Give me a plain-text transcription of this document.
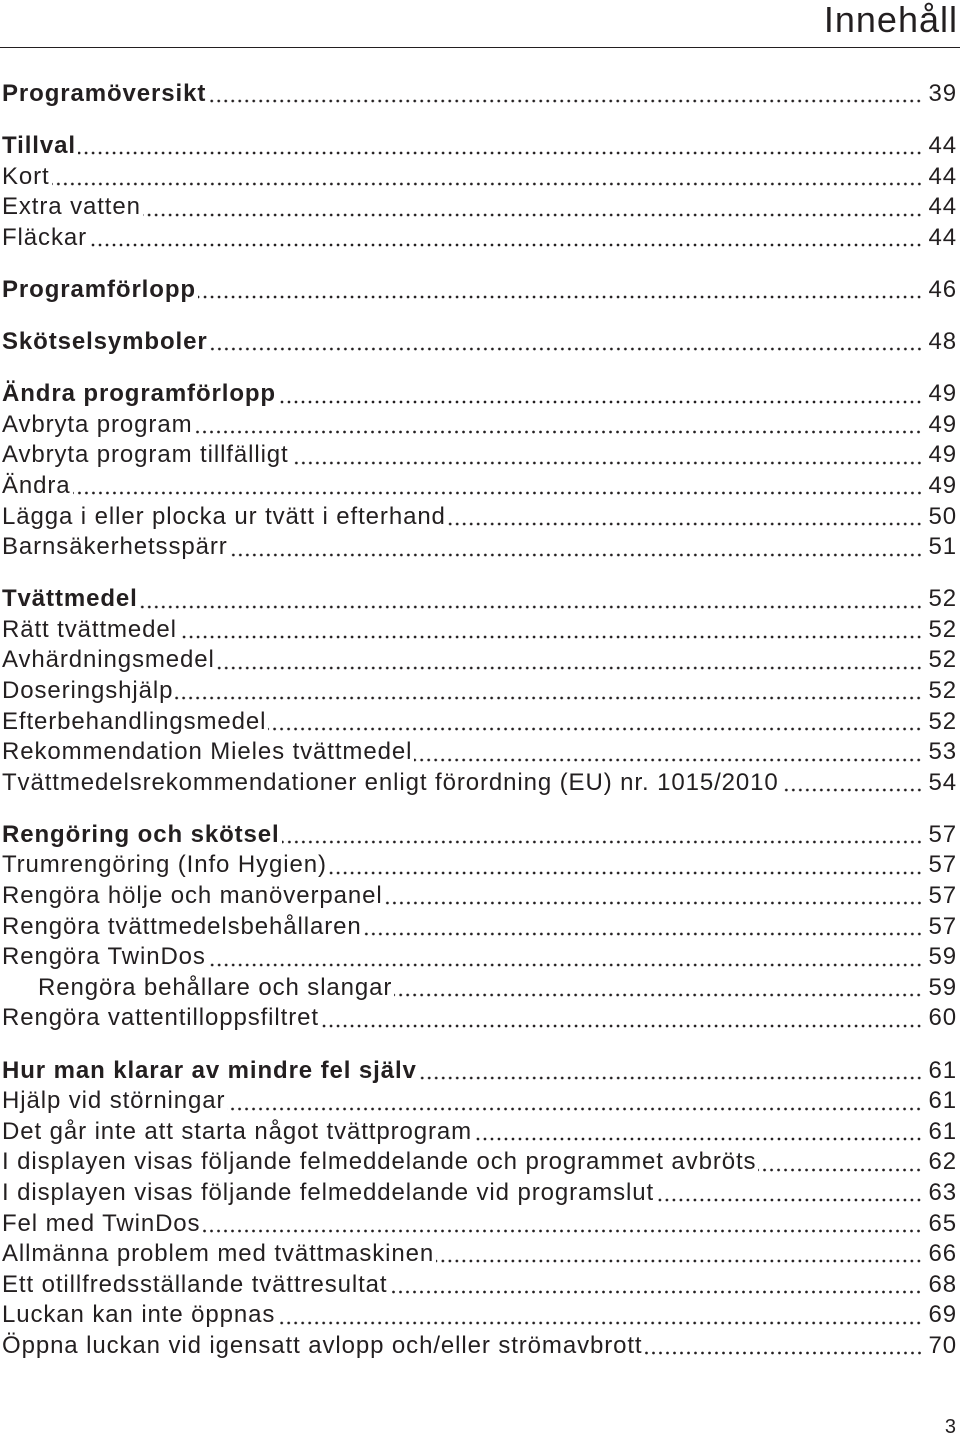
Innehåll
Programöversikt	39
Tillval	44
Kort	44
Extra vatten	44
Fläckar	44
Programförlopp	46
Skötselsymboler	48
Ändra programförlopp	49
Avbryta program	49
Avbryta program tillfälligt	49
Ändra	49
Lägga i eller plocka ur tvätt i efterhand	50
Barnsäkerhetsspärr	51
Tvättmedel	52
Rätt tvättmedel	52
Avhärdningsmedel	52
Doseringshjälp	52
Efterbehandlingsmedel	52
Rekommendation Mieles tvättmedel	53
Tvättmedelsrekommendationer enligt förordning (EU) nr. 1015/2010	54
Rengöring och skötsel	57
Trumrengöring (Info Hygien)	57
Rengöra hölje och manöverpanel	57
Rengöra tvättmedelsbehållaren	57
Rengöra TwinDos	59
Rengöra behållare och slangar	59
Rengöra vattentilloppsfiltret	60
Hur man klarar av mindre fel själv	61
Hjälp vid störningar	61
Det går inte att starta något tvättprogram	61
I displayen visas följande felmeddelande och programmet avbröts	62
I displayen visas följande felmeddelande vid programslut	63
Fel med TwinDos	65
Allmänna problem med tvättmaskinen	66
Ett otillfredsställande tvättresultat	68
Luckan kan inte öppnas	69
Öppna luckan vid igensatt avlopp och/eller strömavbrott	70
3
